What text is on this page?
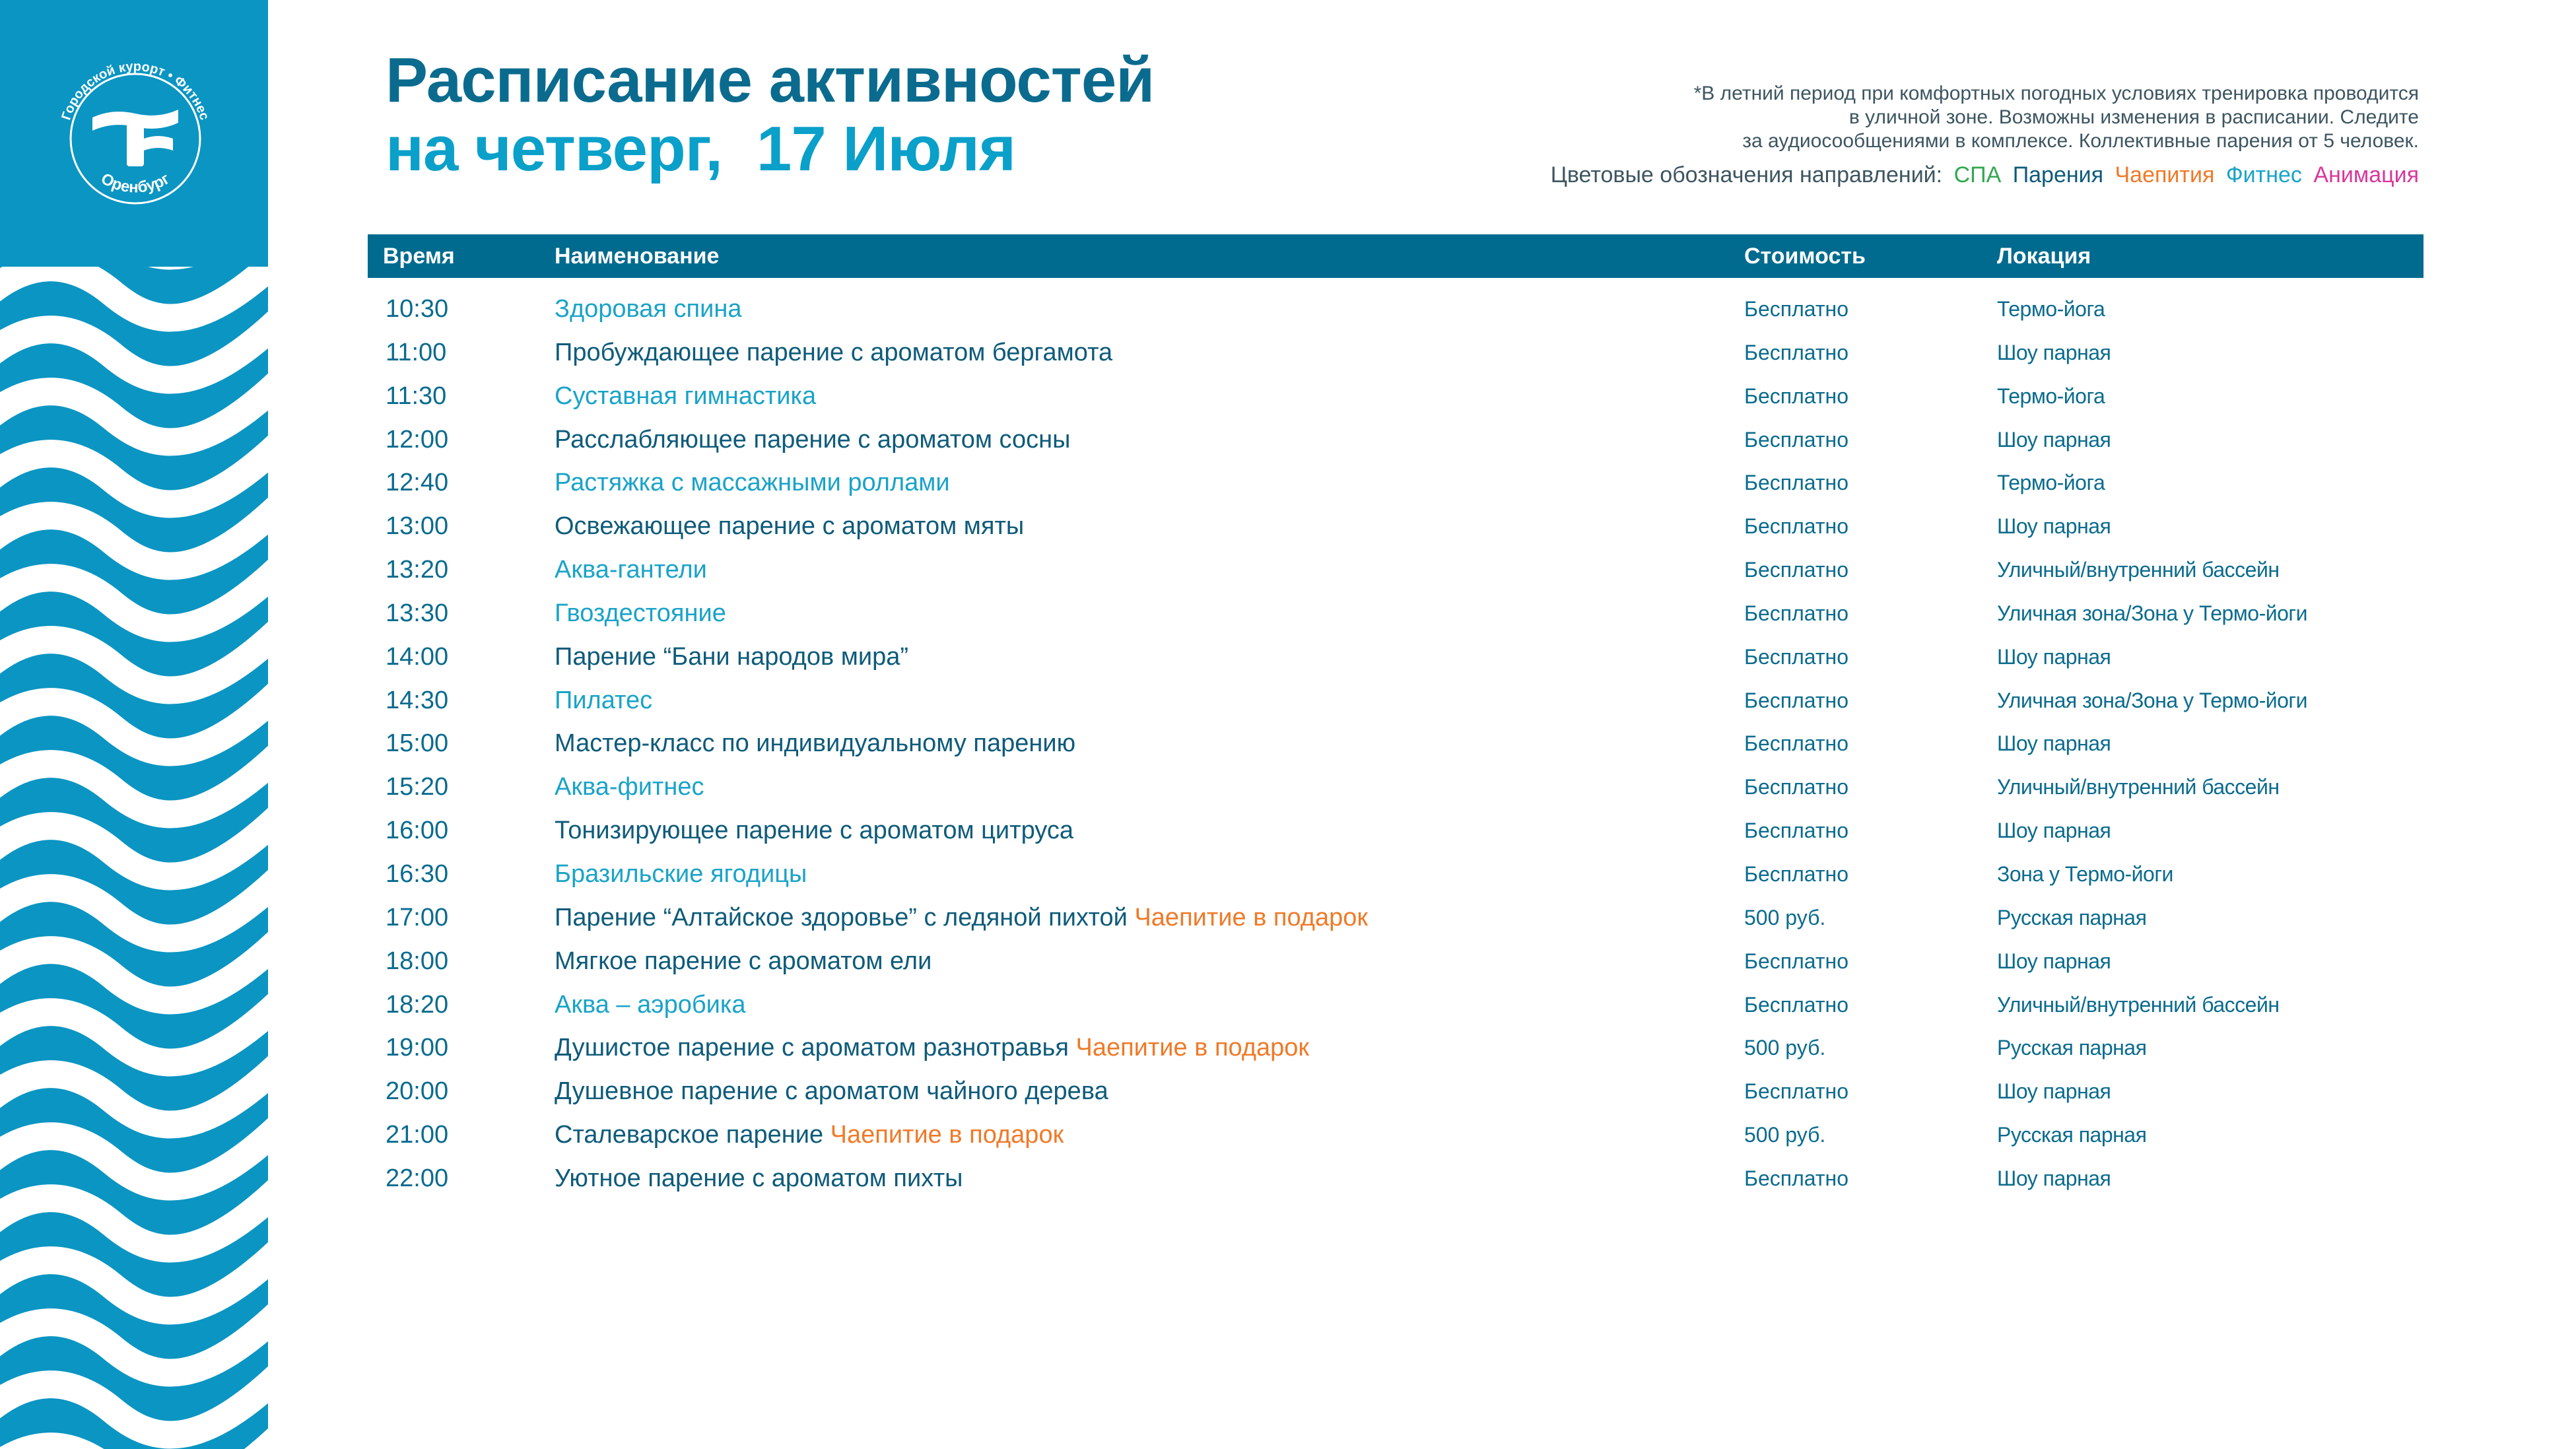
Городской курорт • Фитнес
Оренбург
Расписание активностей
на четверг, 17 Июля
*В летний период при комфортных погодных условиях тренировка проводится
в уличной зоне. Возможны изменения в расписании. Следите
за аудиосообщениями в комплексе. Коллективные парения от 5 человек.
Цветовые обозначения направлений: СПА Парения Чаепития Фитнес Анимация
Время	Наименование	Стоимость	Локация
10:30	Здоровая спина	Бесплатно	Термо-йога
11:00	Пробуждающее парение с ароматом бергамота	Бесплатно	Шоу парная
11:30	Суставная гимнастика	Бесплатно	Термо-йога
12:00	Расслабляющее парение с ароматом сосны	Бесплатно	Шоу парная
12:40	Растяжка с массажными роллами	Бесплатно	Термо-йога
13:00	Освежающее парение с ароматом мяты	Бесплатно	Шоу парная
13:20	Аква-гантели	Бесплатно	Уличный/внутренний бассейн
13:30	Гвоздестояние	Бесплатно	Уличная зона/Зона у Термо-йоги
14:00	Парение “Бани народов мира”	Бесплатно	Шоу парная
14:30	Пилатес	Бесплатно	Уличная зона/Зона у Термо-йоги
15:00	Мастер-класс по индивидуальному парению	Бесплатно	Шоу парная
15:20	Аква-фитнес	Бесплатно	Уличный/внутренний бассейн
16:00	Тонизирующее парение с ароматом цитруса	Бесплатно	Шоу парная
16:30	Бразильские ягодицы	Бесплатно	Зона у Термо-йоги
17:00	Парение “Алтайское здоровье” с ледяной пихтой Чаепитие в подарок	500 руб.	Русская парная
18:00	Мягкое парение с ароматом ели	Бесплатно	Шоу парная
18:20	Аква – аэробика	Бесплатно	Уличный/внутренний бассейн
19:00	Душистое парение с ароматом разнотравья Чаепитие в подарок	500 руб.	Русская парная
20:00	Душевное парение с ароматом чайного дерева	Бесплатно	Шоу парная
21:00	Сталеварское парение Чаепитие в подарок	500 руб.	Русская парная
22:00	Уютное парение с ароматом пихты	Бесплатно	Шоу парная
